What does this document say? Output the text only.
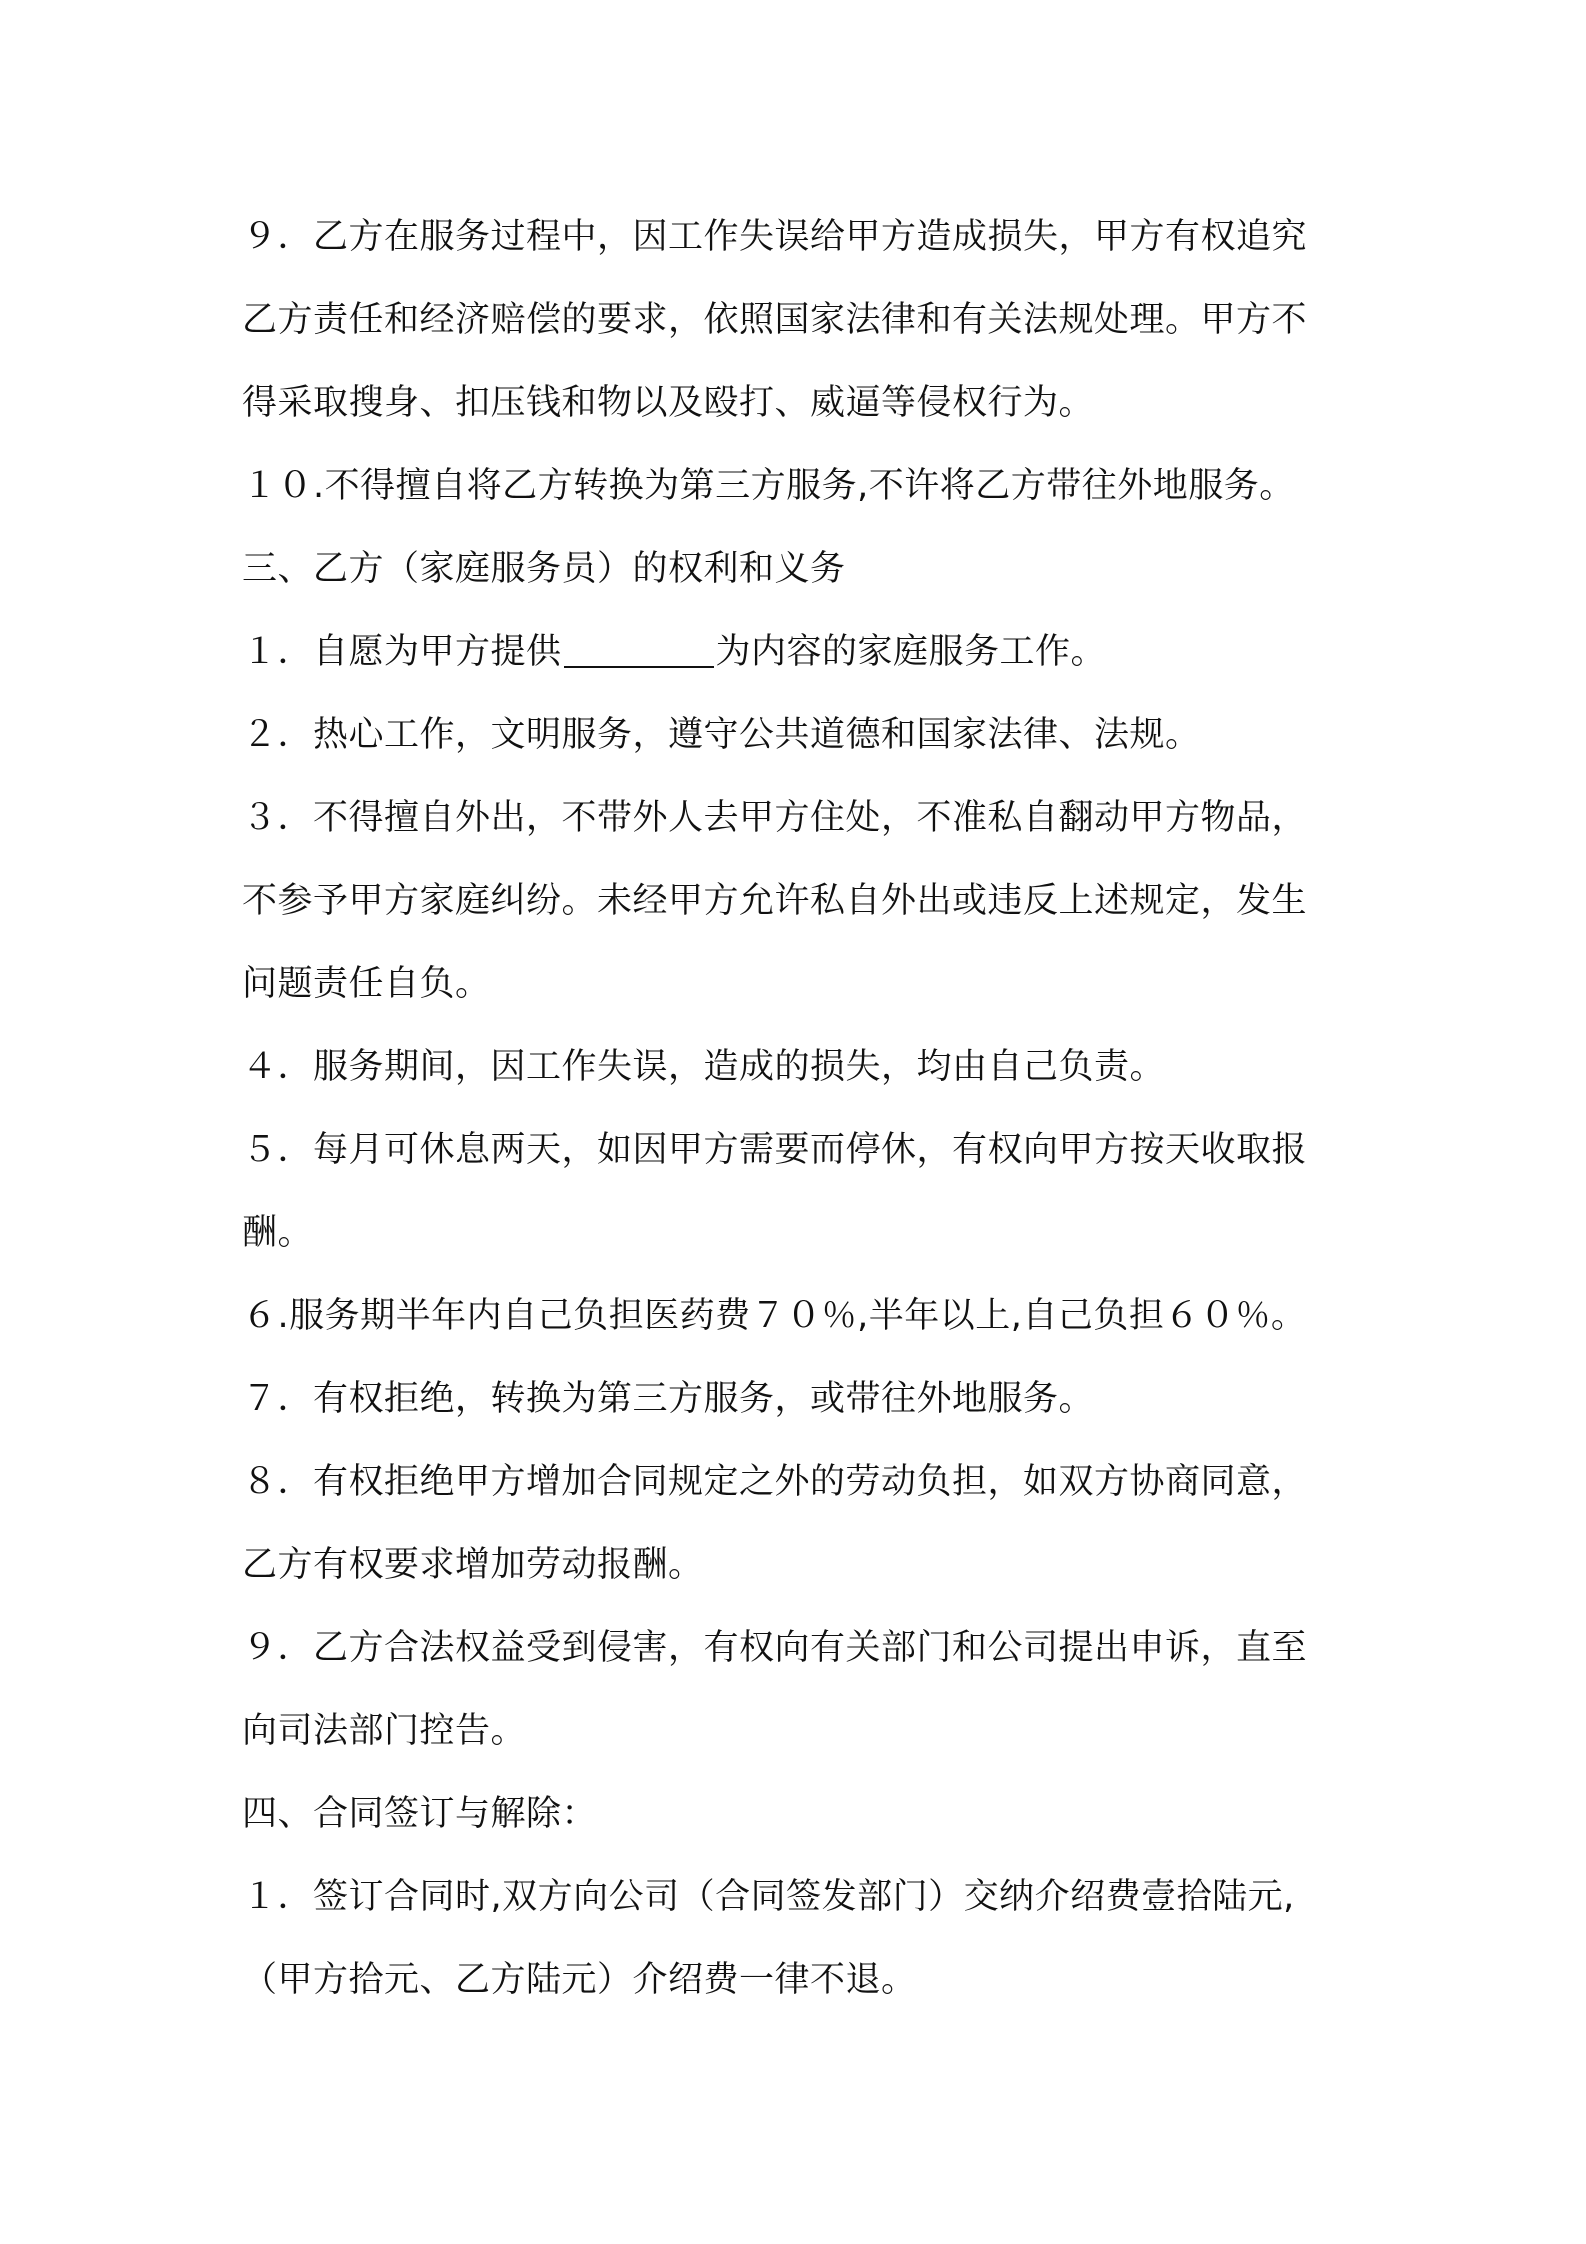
９．乙方在服务过程中，因工作失误给甲方造成损失，甲方有权追究
乙方责任和经济赔偿的要求，依照国家法律和有关法规处理。甲方不
得采取搜身、扣压钱和物以及殴打、威逼等侵权行为。
１０.不得擅自将乙方转换为第三方服务,不许将乙方带往外地服务。
三、乙方（家庭服务员）的权利和义务
１．自愿为甲方提供	为内容的家庭服务工作。
２．热心工作，文明服务，遵守公共道德和国家法律、法规。
３．不得擅自外出，不带外人去甲方住处，不准私自翻动甲方物品，
不参予甲方家庭纠纷。未经甲方允许私自外出或违反上述规定，发生
问题责任自负。
４．服务期间，因工作失误，造成的损失，均由自己负责。
５．每月可休息两天，如因甲方需要而停休，有权向甲方按天收取报
酬。
６.服务期半年内自己负担医药费７０％,半年以上,自己负担６０％。
７．有权拒绝，转换为第三方服务，或带往外地服务。
８．有权拒绝甲方增加合同规定之外的劳动负担，如双方协商同意，
乙方有权要求增加劳动报酬。
９．乙方合法权益受到侵害，有权向有关部门和公司提出申诉，直至
向司法部门控告。
四、合同签订与解除：
１．签订合同时,双方向公司（合同签发部门）交纳介绍费壹拾陆元,
（甲方拾元、乙方陆元）介绍费一律不退。
